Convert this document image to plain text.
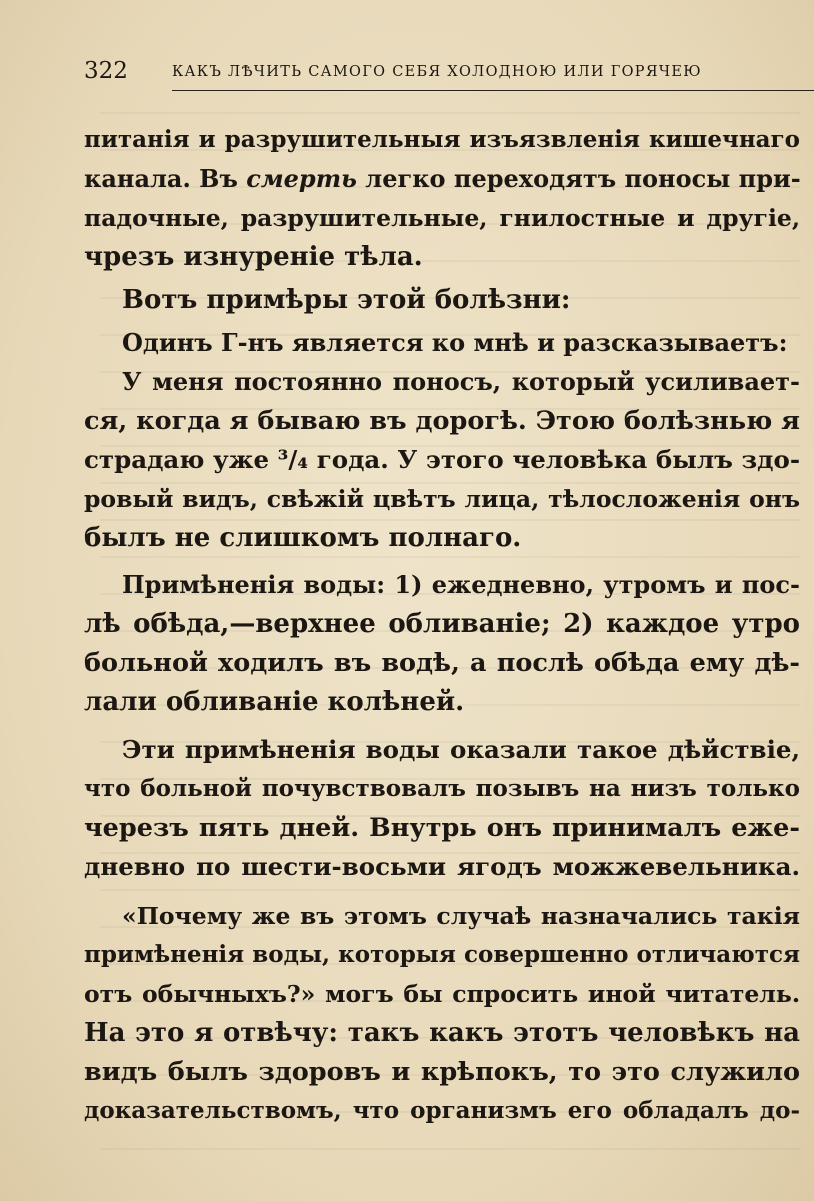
322	КАКЪ ЛѢЧИТЬ САМОГО СЕБЯ ХОЛОДНОЮ ИЛИ ГОРЯЧЕЮ
питанія и разрушительныя изъязвленія кишечнаго
канала. Въ смерть легко переходятъ поносы при-
падочные, разрушительные, гнилостные и другіе,
чрезъ изнуреніе тѣла.
Вотъ примѣры этой болѣзни:
Одинъ Г-нъ является ко мнѣ и разсказываетъ:
У меня постоянно поносъ, который усиливает-
ся, когда я бываю въ дорогѣ. Этою болѣзнью я
страдаю уже ³/₄ года. У этого человѣка былъ здо-
ровый видъ, свѣжій цвѣтъ лица, тѣлосложенія онъ
былъ не слишкомъ полнаго.
Примѣненія воды: 1) ежедневно, утромъ и пос-
лѣ обѣда,—верхнее обливаніе; 2) каждое утро
больной ходилъ въ водѣ, а послѣ обѣда ему дѣ-
лали обливаніе колѣней.
Эти примѣненія воды оказали такое дѣйствіе,
что больной почувствовалъ позывъ на низъ только
черезъ пять дней. Внутрь онъ принималъ еже-
дневно по шести-восьми ягодъ можжевельника.
«Почему же въ этомъ случаѣ назначались такія
примѣненія воды, которыя совершенно отличаются
отъ обычныхъ?» могъ бы спросить иной читатель.
На это я отвѣчу: такъ какъ этотъ человѣкъ на
видъ былъ здоровъ и крѣпокъ, то это служило
доказательствомъ, что организмъ его обладалъ до-
